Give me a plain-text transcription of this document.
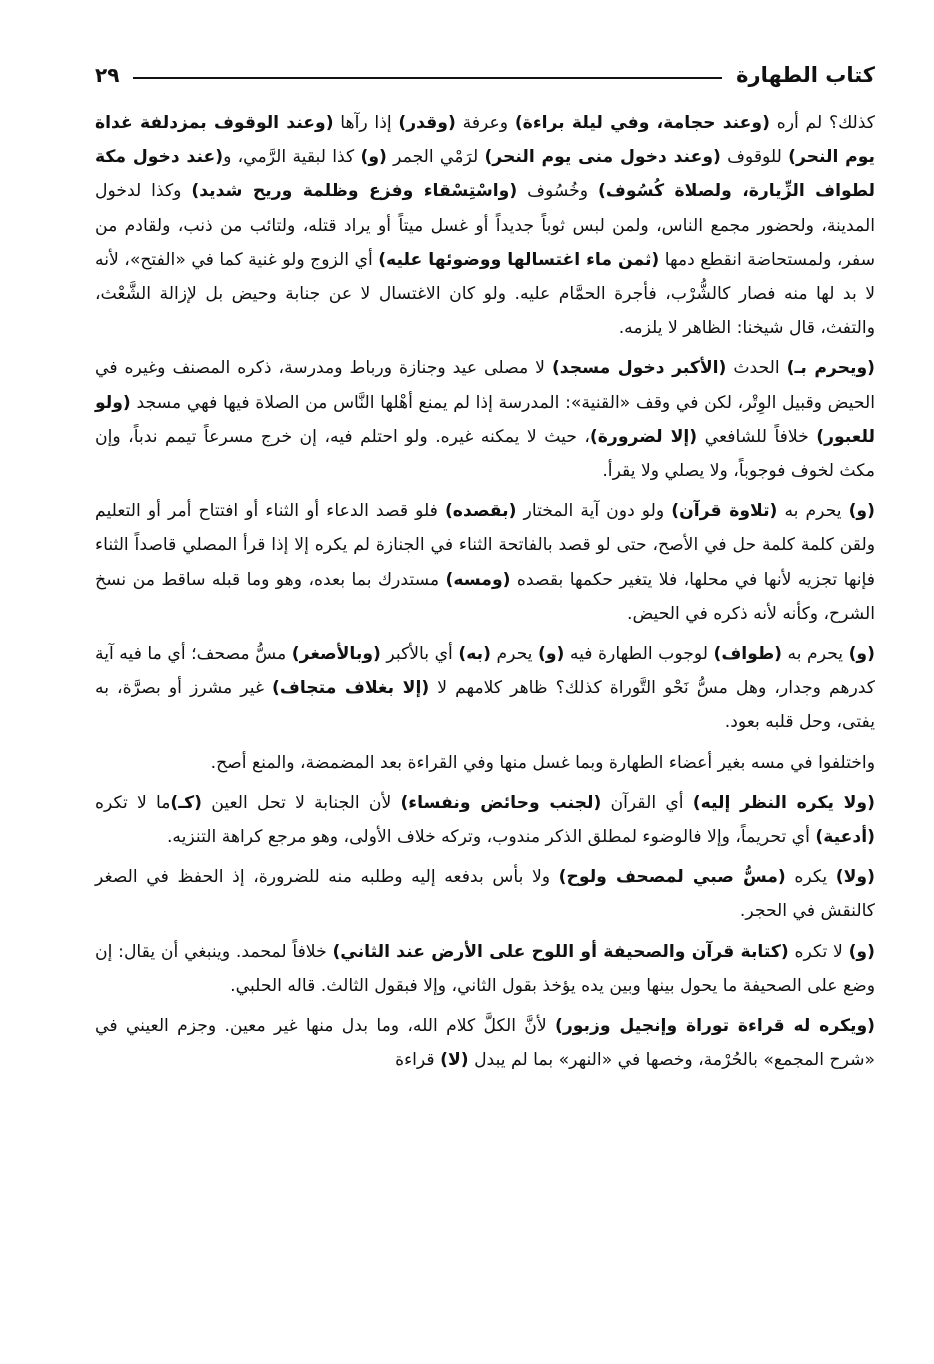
كتاب الطهارة
٢٩

كذلك؟ لم أره (وعند حجامة، وفي ليلة براءة) وعرفة (وقدر) إذا رآها (وعند الوقوف بمزدلفة غداة يوم النحر) للوقوف (وعند دخول منى يوم النحر) لرَمْي الجمر (و) كذا لبقية الرَّمي، و(عند دخول مكة لطواف الزِّيارة، ولصلاة كُسُوف) وخُسُوف (واسْتِسْقاء وفزع وظلمة وريح شديد) وكذا لدخول المدينة، ولحضور مجمع الناس، ولمن لبس ثوباً جديداً أو غسل ميتاً أو يراد قتله، ولتائب من ذنب، ولقادم من سفر، ولمستحاضة انقطع دمها (ثمن ماء اغتسالها ووضوئها عليه) أي الزوج ولو غنية كما في «الفتح»، لأنه لا بد لها منه فصار كالشُّرْب، فأجرة الحمَّام عليه. ولو كان الاغتسال لا عن جنابة وحيض بل لإزالة الشَّعْث، والتفث، قال شيخنا: الظاهر لا يلزمه.

(ويحرم بـ) الحدث (الأكبر دخول مسجد) لا مصلى عيد وجنازة ورباط ومدرسة، ذكره المصنف وغيره في الحيض وقبيل الوِتْر، لكن في وقف «القنية»: المدرسة إذا لم يمنع أهْلها النَّاس من الصلاة فيها فهي مسجد (ولو للعبور) خلافاً للشافعي (إلا لضرورة)، حيث لا يمكنه غيره. ولو احتلم فيه، إن خرج مسرعاً تيمم ندباً، وإن مكث لخوف فوجوباً، ولا يصلي ولا يقرأ.

(و) يحرم به (تلاوة قرآن) ولو دون آية المختار (بقصده) فلو قصد الدعاء أو الثناء أو افتتاح أمر أو التعليم ولقن كلمة كلمة حل في الأصح، حتى لو قصد بالفاتحة الثناء في الجنازة لم يكره إلا إذا قرأ المصلي قاصداً الثناء فإنها تجزيه لأنها في محلها، فلا يتغير حكمها بقصده (ومسه) مستدرك بما بعده، وهو وما قبله ساقط من نسخ الشرح، وكأنه لأنه ذكره في الحيض.

(و) يحرم به (طواف) لوجوب الطهارة فيه (و) يحرم (به) أي بالأكبر (وبالأصغر) مسُّ مصحف؛ أي ما فيه آية كدرهم وجدار، وهل مسُّ نَحْو التَّوراة كذلك؟ ظاهر كلامهم لا (إلا بغلاف متجاف) غير مشرز أو بصرَّة، به يفتى، وحل قلبه بعود.

واختلفوا في مسه بغير أعضاء الطهارة وبما غسل منها وفي القراءة بعد المضمضة، والمنع أصح.

(ولا يكره النظر إليه) أي القرآن (لجنب وحائض ونفساء) لأن الجنابة لا تحل العين (كـ)ما لا تكره (أدعية) أي تحريماً، وإلا فالوضوء لمطلق الذكر مندوب، وتركه خلاف الأولى، وهو مرجع كراهة التنزيه.

(ولا) يكره (مسُّ صبي لمصحف ولوح) ولا بأس بدفعه إليه وطلبه منه للضرورة، إذ الحفظ في الصغر كالنقش في الحجر.

(و) لا تكره (كتابة قرآن والصحيفة أو اللوح على الأرض عند الثاني) خلافاً لمحمد. وينبغي أن يقال: إن وضع على الصحيفة ما يحول بينها وبين يده يؤخذ بقول الثاني، وإلا فبقول الثالث. قاله الحلبي.

(ويكره له قراءة توراة وإنجيل وزبور) لأنَّ الكلَّ كلام الله، وما بدل منها غير معين. وجزم العيني في «شرح المجمع» بالحُرْمة، وخصها في «النهر» بما لم يبدل (لا) قراءة
